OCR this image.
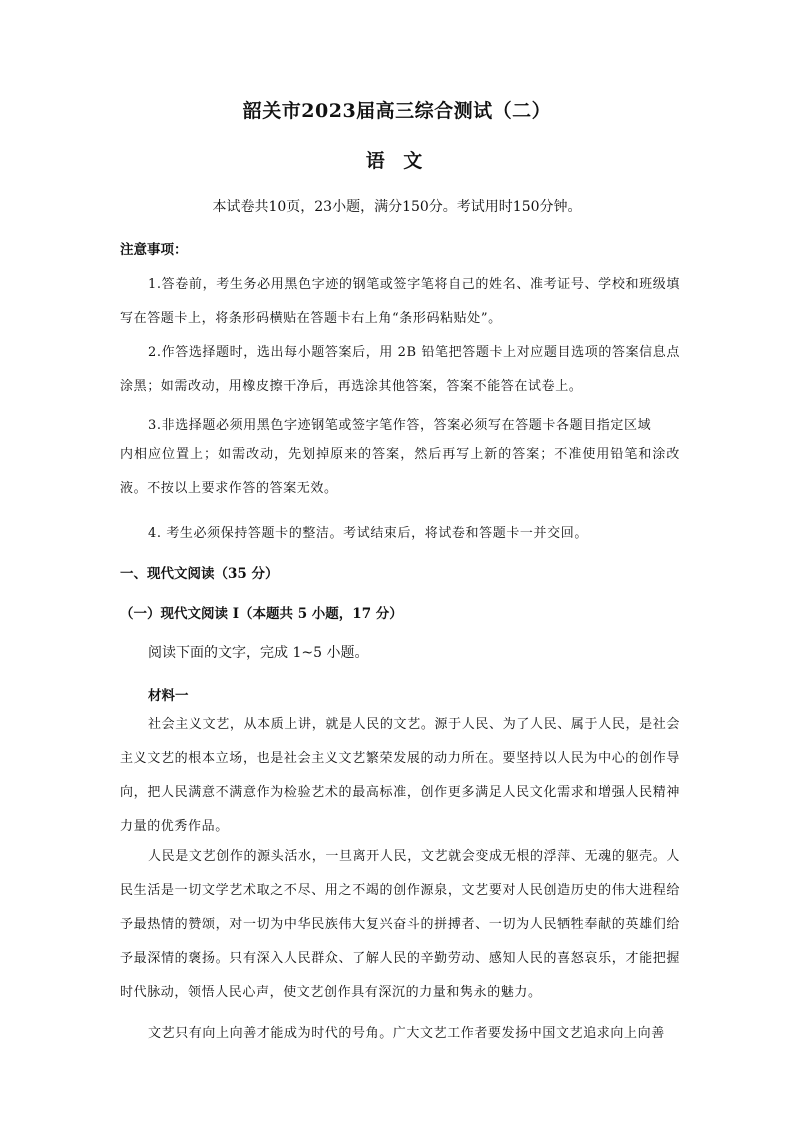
韶关市2023届高三综合测试（二）
语 文
本试卷共10页，23小题，满分150分。考试用时150分钟。
注意事项：
1.答卷前，考生务必用黑色字迹的钢笔或签字笔将自己的姓名、准考证号、学校和班级填写在答题卡上，将条形码横贴在答题卡右上角“条形码粘贴处”。
2.作答选择题时，选出每小题答案后，用 2B 铅笔把答题卡上对应题目选项的答案信息点涂黑；如需改动，用橡皮擦干净后，再选涂其他答案，答案不能答在试卷上。
3.非选择题必须用黑色字迹钢笔或签字笔作答，答案必须写在答题卡各题目指定区域
内相应位置上；如需改动，先划掉原来的答案，然后再写上新的答案；不准使用铅笔和涂改液。不按以上要求作答的答案无效。
4. 考生必须保持答题卡的整洁。考试结束后，将试卷和答题卡一并交回。
一、现代文阅读（35 分）
（一）现代文阅读 I（本题共 5 小题，17 分）
阅读下面的文字，完成 1~5 小题。
材料一
社会主义文艺，从本质上讲，就是人民的文艺。源于人民、为了人民、属于人民，是社会主义文艺的根本立场，也是社会主义文艺繁荣发展的动力所在。要坚持以人民为中心的创作导向，把人民满意不满意作为检验艺术的最高标准，创作更多满足人民文化需求和增强人民精神力量的优秀作品。
人民是文艺创作的源头活水，一旦离开人民，文艺就会变成无根的浮萍、无魂的躯壳。人民生活是一切文学艺术取之不尽、用之不竭的创作源泉，文艺要对人民创造历史的伟大进程给予最热情的赞颂，对一切为中华民族伟大复兴奋斗的拼搏者、一切为人民牺牲奉献的英雄们给予最深情的褒扬。只有深入人民群众、了解人民的辛勤劳动、感知人民的喜怒哀乐，才能把握时代脉动，领悟人民心声，使文艺创作具有深沉的力量和隽永的魅力。
文艺只有向上向善才能成为时代的号角。广大文艺工作者要发扬中国文艺追求向上向善
